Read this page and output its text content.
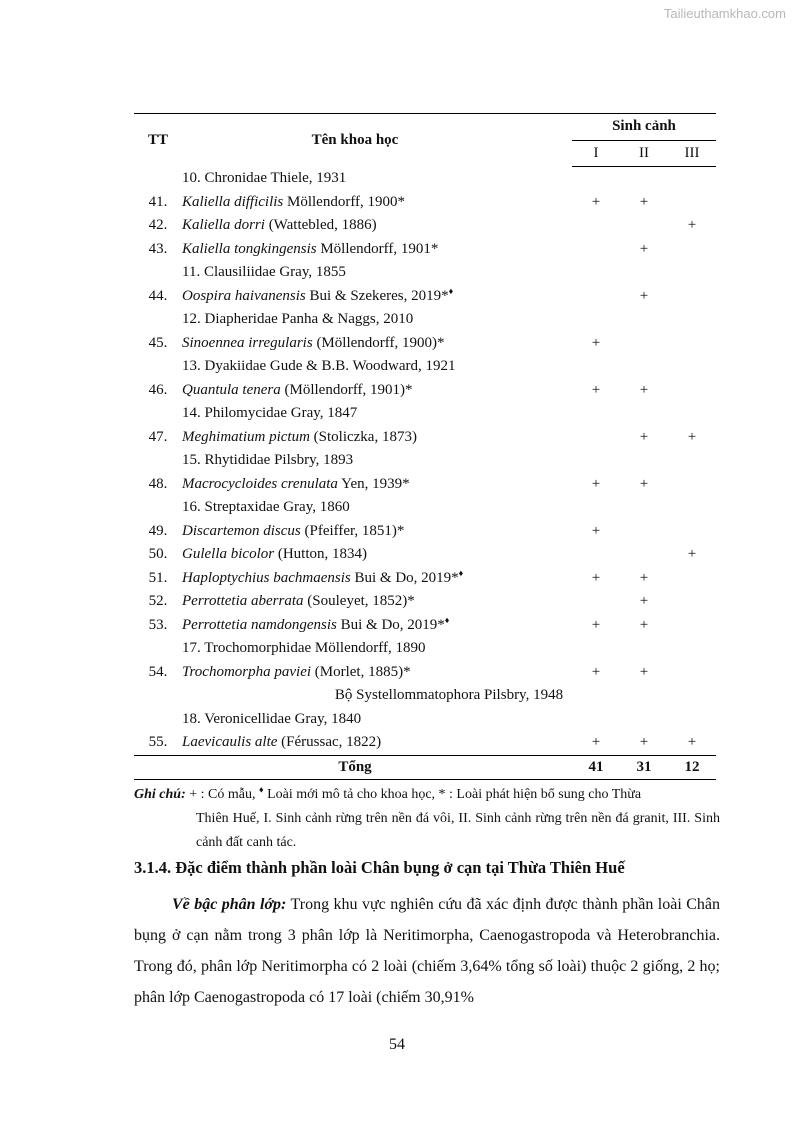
Tailieuthamkhao.com
TT	Tên khoa học	Sinh cảnh		
		I	II	III
	10. Chronidae Thiele, 1931			
41.	Kaliella difficilis Möllendorff, 1900*	+	+	
42.	Kaliella dorri (Wattebled, 1886)			+
43.	Kaliella tongkingensis Möllendorff, 1901*		+	
	11. Clausiliidae Gray, 1855			
44.	Oospira haivanensis Bui & Szekeres, 2019*♦		+	
	12. Diapheridae Panha & Naggs, 2010			
45.	Sinoennea irregularis (Möllendorff, 1900)*	+		
	13. Dyakiidae Gude & B.B. Woodward, 1921			
46.	Quantula tenera (Möllendorff, 1901)*	+	+	
	14. Philomycidae Gray, 1847			
47.	Meghimatium pictum (Stoliczka, 1873)		+	+
	15. Rhytididae Pilsbry, 1893			
48.	Macrocycloides crenulata Yen, 1939*	+	+	
	16. Streptaxidae Gray, 1860			
49.	Discartemon discus (Pfeiffer, 1851)*	+		
50.	Gulella bicolor (Hutton, 1834)			+
51.	Haploptychius bachmaensis Bui & Do, 2019*♦	+	+	
52.	Perrottetia aberrata (Souleyet, 1852)*		+	
53.	Perrottetia namdongensis Bui & Do, 2019*♦	+	+	
	17. Trochomorphidae Möllendorff, 1890			
54.	Trochomorpha paviei (Morlet, 1885)*	+	+	
	Bộ Systellommatophora Pilsbry, 1948			
	18. Veronicellidae Gray, 1840			
55.	Laevicaulis alte (Férussac, 1822)	+	+	+
	Tổng	41	31	12
Ghi chú: + : Có mẫu, ♦ Loài mới mô tả cho khoa học, * : Loài phát hiện bổ sung cho Thừa
Thiên Huế, I. Sinh cảnh rừng trên nền đá vôi, II. Sinh cảnh rừng trên nền đá granit, III. Sinh cảnh đất canh tác.
3.1.4. Đặc điểm thành phần loài Chân bụng ở cạn tại Thừa Thiên Huế

Về bậc phân lớp: Trong khu vực nghiên cứu đã xác định được thành phần loài Chân bụng ở cạn nằm trong 3 phân lớp là Neritimorpha, Caenogastropoda và Heterobranchia. Trong đó, phân lớp Neritimorpha có 2 loài (chiếm 3,64% tổng số loài) thuộc 2 giống, 2 họ; phân lớp Caenogastropoda có 17 loài (chiếm 30,91%

54
